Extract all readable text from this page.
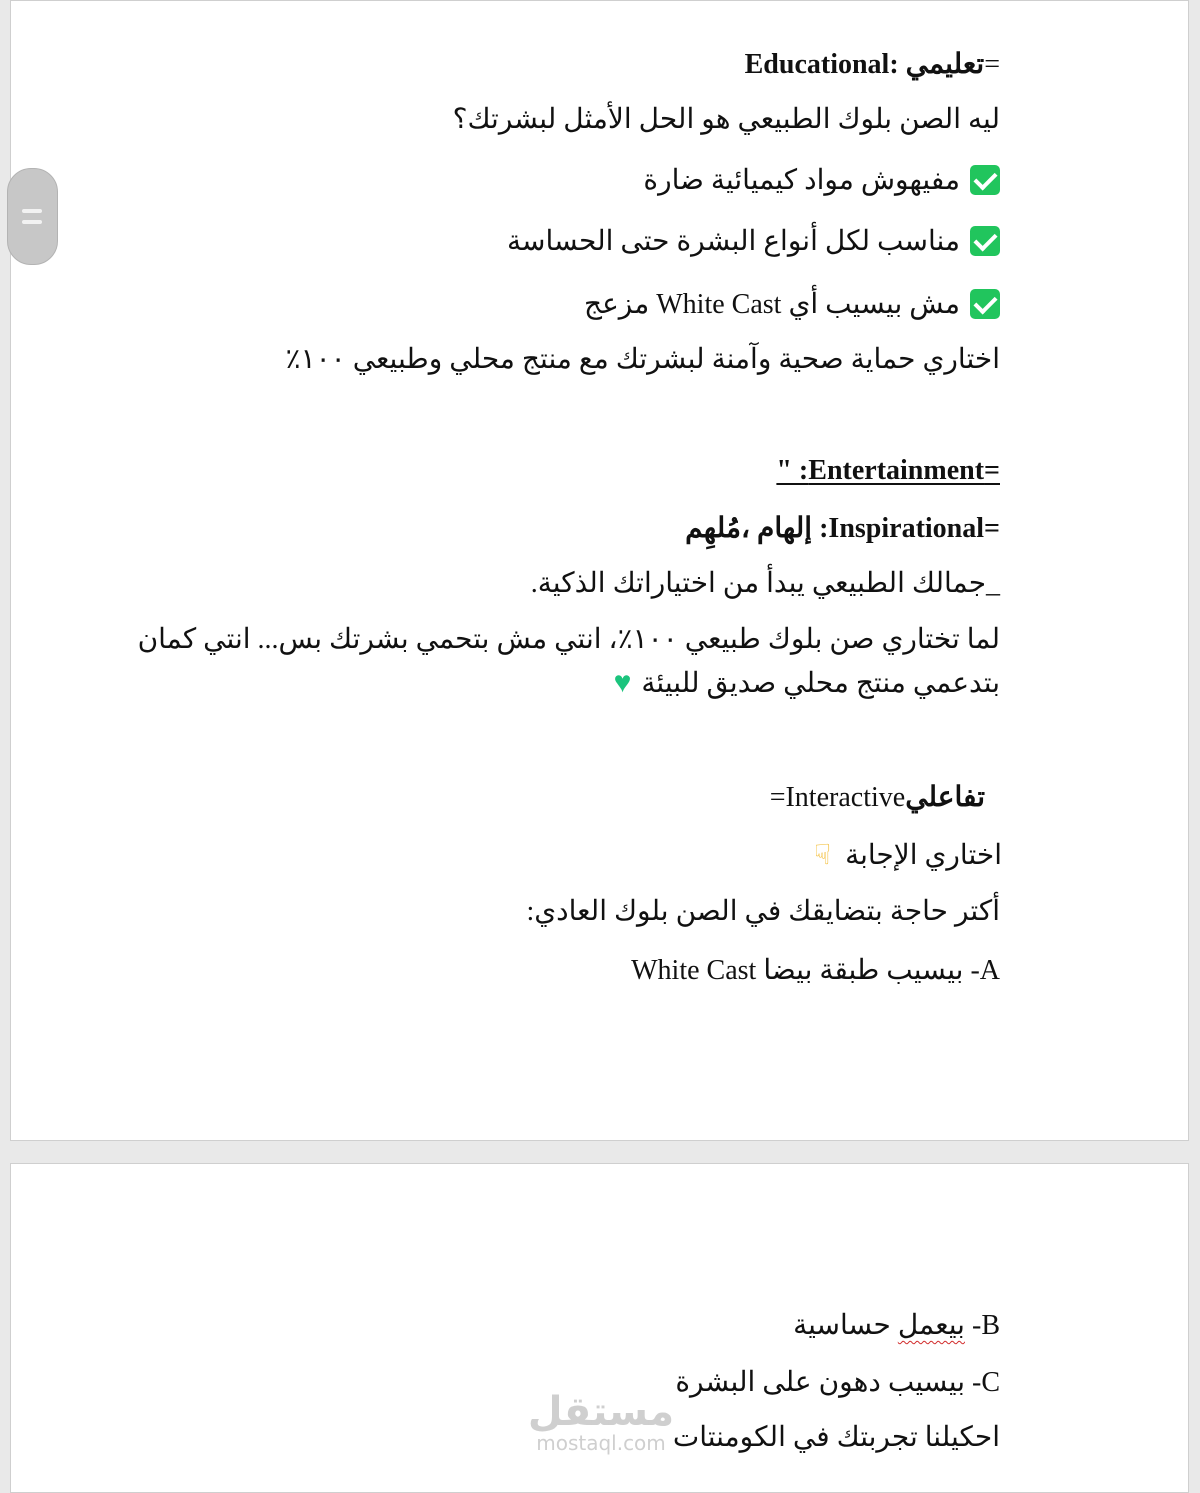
=تعليمي Educational:
ليه الصن بلوك الطبيعي هو الحل الأمثل لبشرتك؟
مفيهوش مواد كيميائية ضارة
مناسب لكل أنواع البشرة حتى الحساسة
مش بيسيب أي White Cast مزعج
اختاري حماية صحية وآمنة لبشرتك مع منتج محلي وطبيعي ١٠٠٪
=Entertainment: "
=Inspirational: إلهام ،مُلهِم
_جمالك الطبيعي يبدأ من اختياراتك الذكية.
لما تختاري صن بلوك طبيعي ١٠٠٪، انتي مش بتحمي بشرتك بس... انتي كمان
بتدعمي منتج محلي صديق للبيئة♥
تفاعلي=Interactive
اختاري الإجابة☟
أكتر حاجة بتضايقك في الصن بلوك العادي:
A- بيسيب طبقة بيضا White Cast
B- بيعمل حساسية
C- بيسيب دهون على البشرة
احكيلنا تجربتك في الكومنتات
مستقل
mostaql.com
